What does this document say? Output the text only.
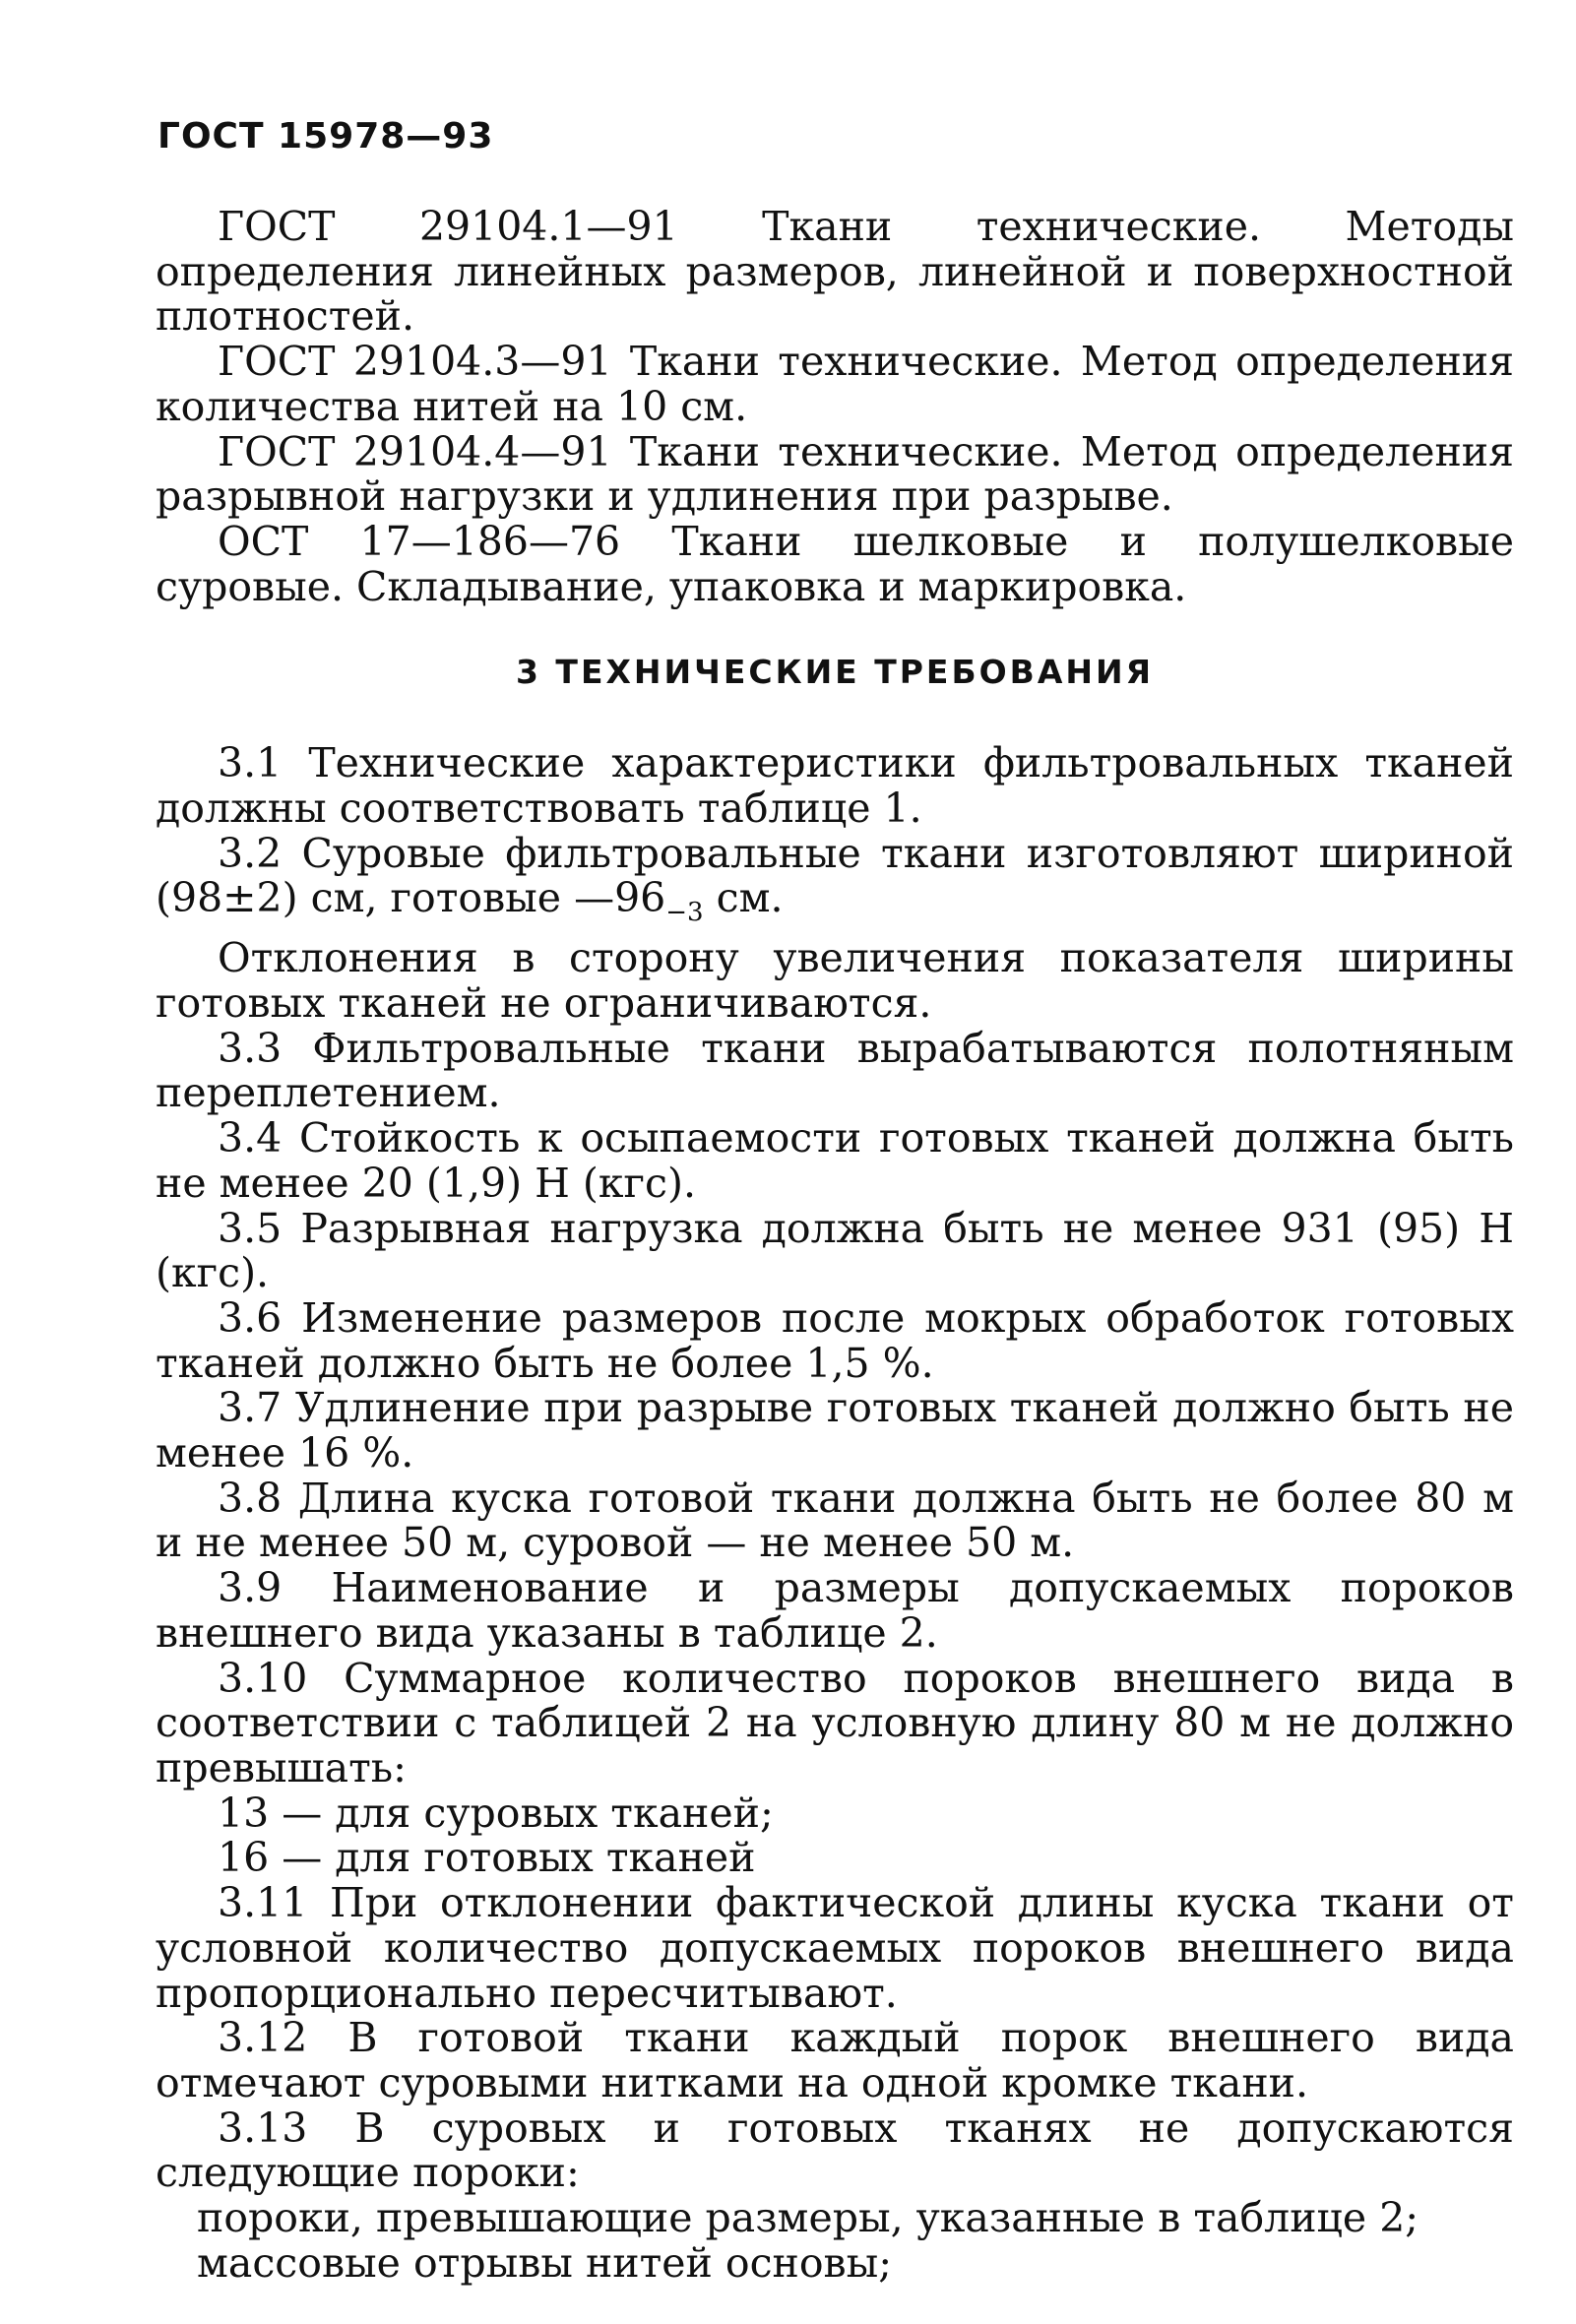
ГОСТ 15978—93

ГОСТ 29104.1—91 Ткани технические. Методы определения линейных размеров, линейной и поверхностной плотностей.

ГОСТ 29104.3—91 Ткани технические. Метод определения количества нитей на 10 см.

ГОСТ 29104.4—91 Ткани технические. Метод определения разрывной нагрузки и удлинения при разрыве.

ОСТ 17—186—76 Ткани шелковые и полушелковые суровые. Складывание, упаковка и маркировка.

3 ТЕХНИЧЕСКИЕ ТРЕБОВАНИЯ

3.1 Технические характеристики фильтровальных тканей должны соответствовать таблице 1.

3.2 Суровые фильтровальные ткани изготовляют шириной (98±2) см, готовые $—96_{-3}$ см.

Отклонения в сторону увеличения показателя ширины готовых тканей не ограничиваются.

3.3 Фильтровальные ткани вырабатываются полотняным переплетением.

3.4 Стойкость к осыпаемости готовых тканей должна быть не менее 20 (1,9) Н (кгс).

3.5 Разрывная нагрузка должна быть не менее 931 (95) Н (кгс).

3.6 Изменение размеров после мокрых обработок готовых тканей должно быть не более 1,5 %.

3.7 Удлинение при разрыве готовых тканей должно быть не менее 16 %.

3.8 Длина куска готовой ткани должна быть не более 80 м и не менее 50 м, суровой — не менее 50 м.

3.9 Наименование и размеры допускаемых пороков внешнего вида указаны в таблице 2.

3.10 Суммарное количество пороков внешнего вида в соответствии с таблицей 2 на условную длину 80 м не должно превышать:

13 — для суровых тканей;

16 — для готовых тканей

3.11 При отклонении фактической длины куска ткани от условной количество допускаемых пороков внешнего вида пропорционально пересчитывают.

3.12 В готовой ткани каждый порок внешнего вида отмечают суровыми нитками на одной кромке ткани.

3.13 В суровых и готовых тканях не допускаются следующие пороки:

пороки, превышающие размеры, указанные в таблице 2;

массовые отрывы нитей основы;
